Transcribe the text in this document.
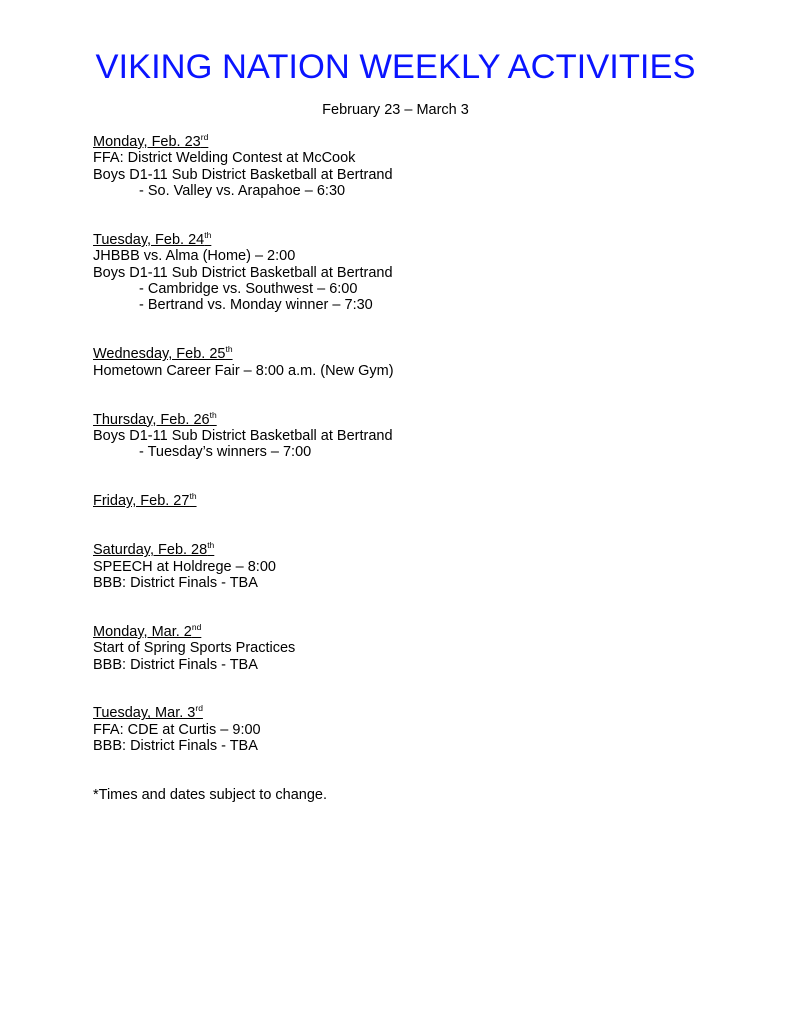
VIKING NATION WEEKLY ACTIVITIES
February 23 – March 3
Monday, Feb. 23rd
FFA: District Welding Contest at McCook
Boys D1-11 Sub District Basketball at Bertrand
- So. Valley vs. Arapahoe – 6:30
Tuesday, Feb. 24th
JHBBB vs. Alma (Home) – 2:00
Boys D1-11 Sub District Basketball at Bertrand
- Cambridge vs. Southwest – 6:00
- Bertrand vs. Monday winner – 7:30
Wednesday, Feb. 25th
Hometown Career Fair – 8:00 a.m. (New Gym)
Thursday, Feb. 26th
Boys D1-11 Sub District Basketball at Bertrand
- Tuesday’s winners – 7:00
Friday, Feb. 27th
Saturday, Feb. 28th
SPEECH at Holdrege – 8:00
BBB: District Finals - TBA
Monday, Mar. 2nd
Start of Spring Sports Practices
BBB: District Finals - TBA
Tuesday, Mar. 3rd
FFA: CDE at Curtis – 9:00
BBB: District Finals - TBA
*Times and dates subject to change.
